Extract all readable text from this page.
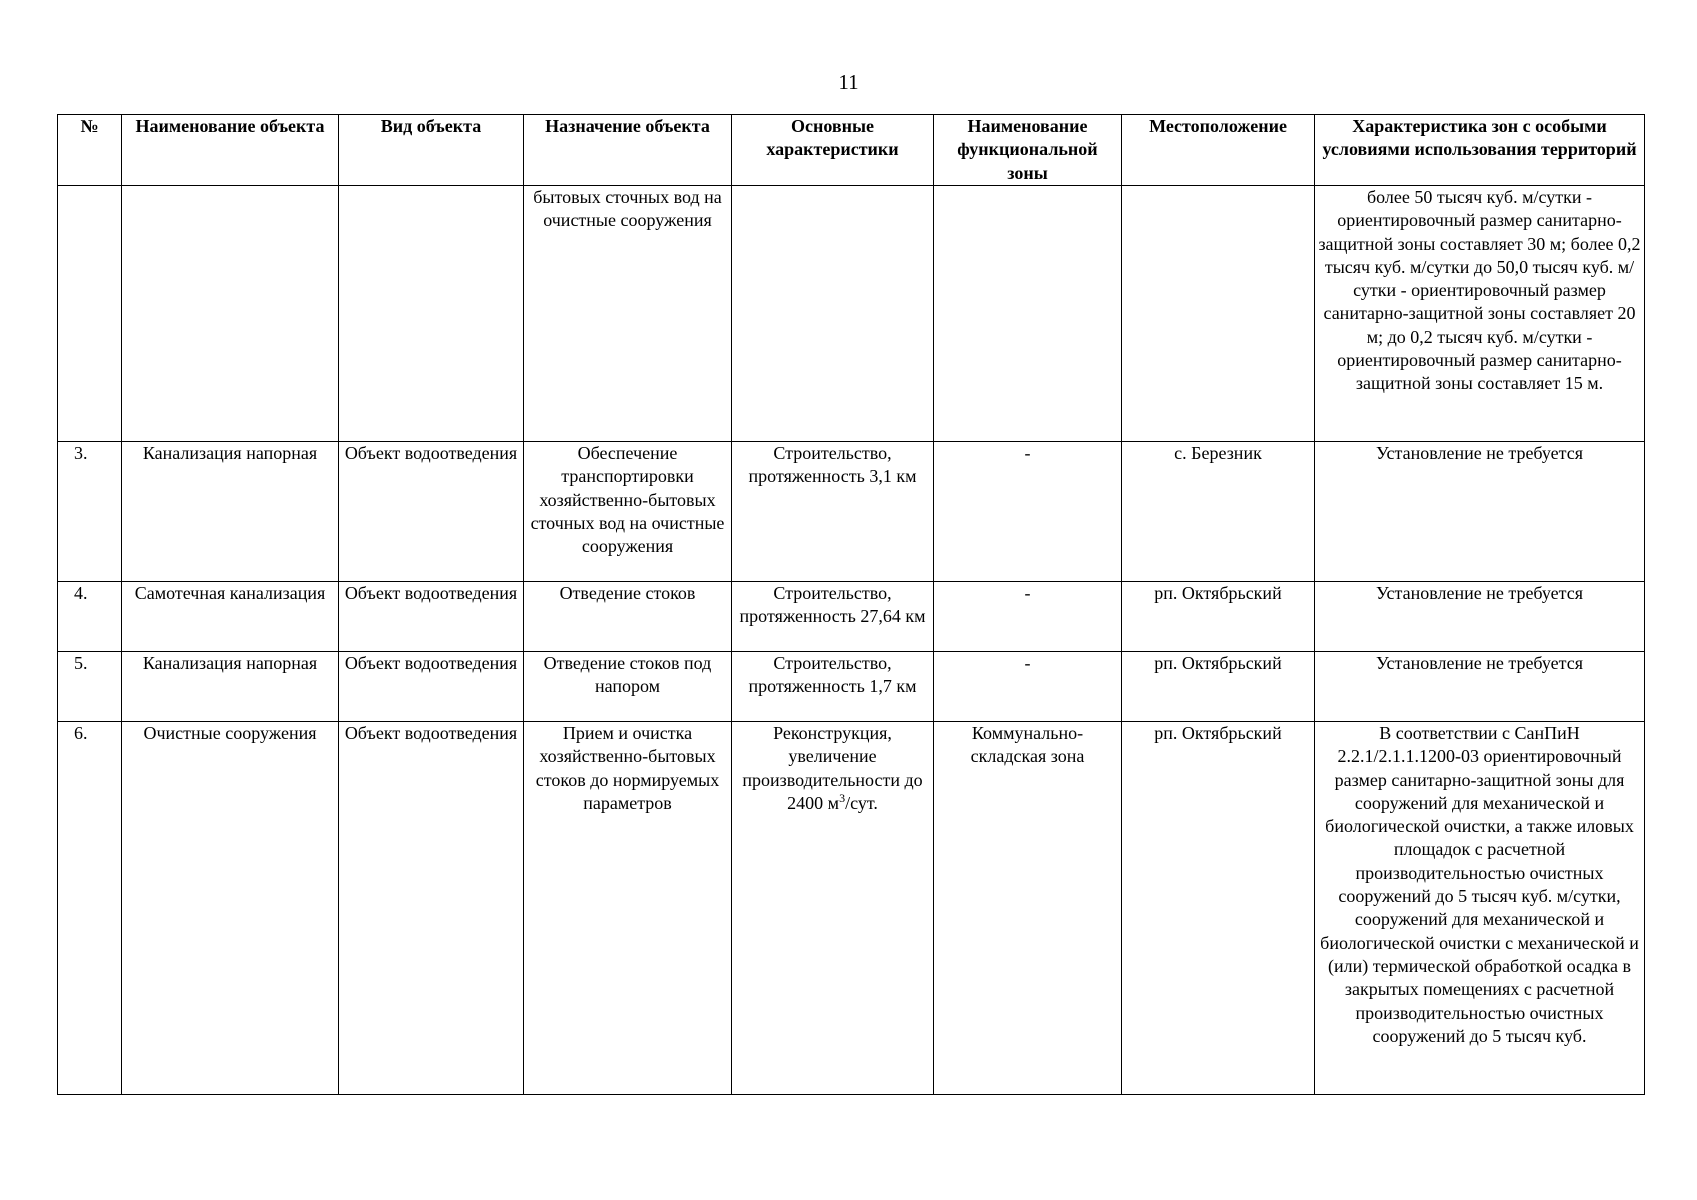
11
№	Наименование объекта	Вид объекта	Назначение объекта	Основные характеристики	Наименование функциональной зоны	Местоположение	Характеристика зон с особыми условиями использования территорий
			бытовых сточных вод на очистные сооружения				более 50 тысяч куб. м/сутки - ориентировочный размер санитарно-защитной зоны составляет 30 м; более 0,2 тысяч куб. м/сутки до 50,0 тысяч куб. м/сутки - ориентировочный размер санитарно-защитной зоны составляет 20 м; до 0,2 тысяч куб. м/сутки - ориентировочный размер санитарно-защитной зоны составляет 15 м.
3.	Канализация напорная	Объект водоотведения	Обеспечение транспортировки хозяйственно-бытовых сточных вод на очистные сооружения	Строительство, протяженность 3,1 км	-	с. Березник	Установление не требуется
4.	Самотечная канализация	Объект водоотведения	Отведение стоков	Строительство, протяженность 27,64 км	-	рп. Октябрьский	Установление не требуется
5.	Канализация напорная	Объект водоотведения	Отведение стоков под напором	Строительство, протяженность 1,7 км	-	рп. Октябрьский	Установление не требуется
6.	Очистные сооружения	Объект водоотведения	Прием и очистка хозяйственно-бытовых стоков до нормируемых параметров	Реконструкция, увеличение производительности до 2400 $м^3$/сут.	Коммунально-складская зона	рп. Октябрьский	В соответствии с СанПиН 2.2.1/2.1.1.1200-03 ориентировочный размер санитарно-защитной зоны для сооружений для механической и биологической очистки, а также иловых площадок с расчетной производительностью очистных сооружений до 5 тысяч куб. м/сутки, сооружений для механической и биологической очистки с механической и (или) термической обработкой осадка в закрытых помещениях с расчетной производительностью очистных сооружений до 5 тысяч куб.
